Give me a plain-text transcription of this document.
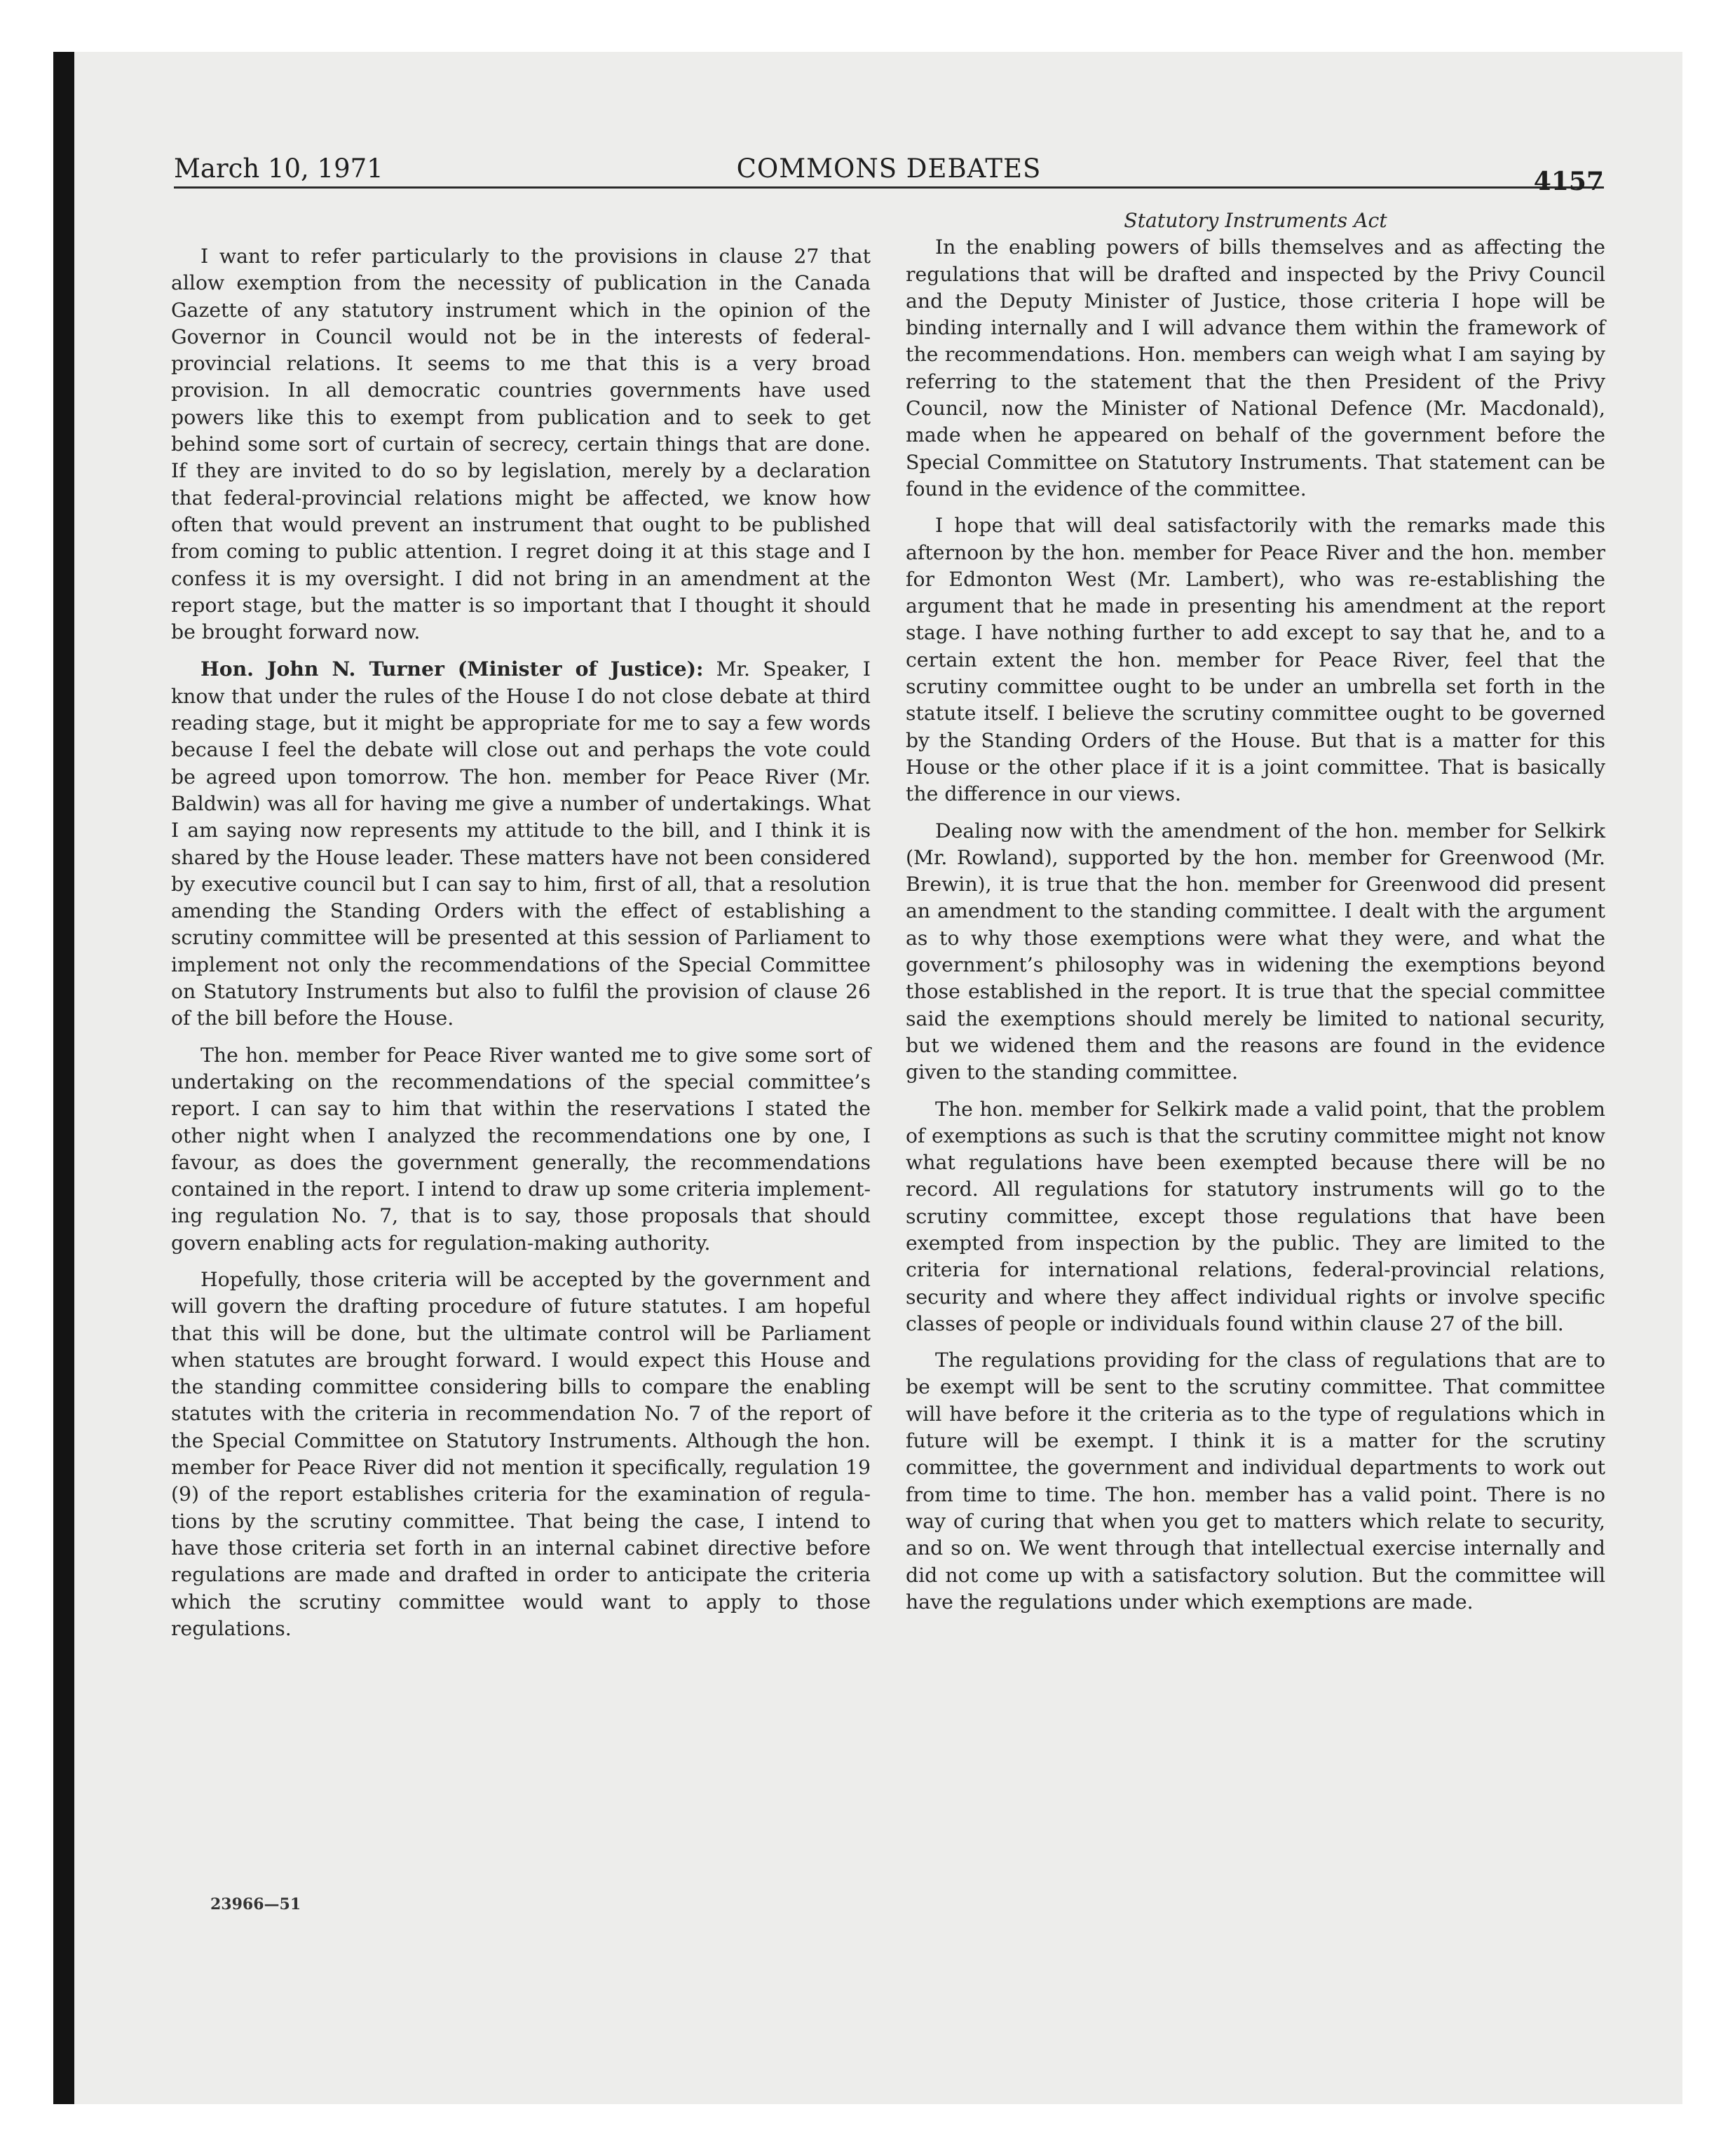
March 10, 1971	COMMONS DEBATES	4157

I want to refer particularly to the provisions in clause 27 that allow exemption from the necessity of publication in the Canada Gazette of any statutory instrument which in the opinion of the Governor in Council would not be in the interests of federal-provincial relations. It seems to me that this is a very broad provision. In all democratic countries governments have used powers like this to exempt from publication and to seek to get behind some sort of curtain of secrecy, certain things that are done. If they are invited to do so by legislation, merely by a declaration that federal-provincial relations might be affected, we know how often that would prevent an instrument that ought to be published from coming to public attention. I regret doing it at this stage and I confess it is my oversight. I did not bring in an amendment at the report stage, but the matter is so important that I thought it should be brought forward now.

Hon. John N. Turner (Minister of Justice): Mr. Speaker, I know that under the rules of the House I do not close debate at third reading stage, but it might be appropriate for me to say a few words because I feel the debate will close out and perhaps the vote could be agreed upon tomorrow. The hon. member for Peace River (Mr. Baldwin) was all for having me give a number of undertakings. What I am saying now represents my attitude to the bill, and I think it is shared by the House leader. These matters have not been considered by executive council but I can say to him, first of all, that a resolution amending the Standing Orders with the effect of establishing a scrutiny committee will be presented at this session of Parliament to implement not only the recommendations of the Special Committee on Statutory Instruments but also to fulfil the provision of clause 26 of the bill before the House.

The hon. member for Peace River wanted me to give some sort of undertaking on the recommendations of the special committee’s report. I can say to him that within the reservations I stated the other night when I analyzed the recommendations one by one, I favour, as does the government generally, the recommendations contained in the report. I intend to draw up some criteria implementing regulation No. 7, that is to say, those proposals that should govern enabling acts for regulation-making authority.

Hopefully, those criteria will be accepted by the government and will govern the drafting procedure of future statutes. I am hopeful that this will be done, but the ultimate control will be Parliament when statutes are brought forward. I would expect this House and the standing committee considering bills to compare the enabling statutes with the criteria in recommendation No. 7 of the report of the Special Committee on Statutory Instruments. Although the hon. member for Peace River did not mention it specifically, regulation 19 (9) of the report establishes criteria for the examination of regulations by the scrutiny committee. That being the case, I intend to have those criteria set forth in an internal cabinet directive before regulations are made and drafted in order to anticipate the criteria which the scrutiny committee would want to apply to those regulations.

Statutory Instruments Act

In the enabling powers of bills themselves and as affecting the regulations that will be drafted and inspected by the Privy Council and the Deputy Minister of Justice, those criteria I hope will be binding internally and I will advance them within the framework of the recommendations. Hon. members can weigh what I am saying by referring to the statement that the then President of the Privy Council, now the Minister of National Defence (Mr. Macdonald), made when he appeared on behalf of the government before the Special Committee on Statutory Instruments. That statement can be found in the evidence of the committee.

I hope that will deal satisfactorily with the remarks made this afternoon by the hon. member for Peace River and the hon. member for Edmonton West (Mr. Lambert), who was re-establishing the argument that he made in presenting his amendment at the report stage. I have nothing further to add except to say that he, and to a certain extent the hon. member for Peace River, feel that the scrutiny committee ought to be under an umbrella set forth in the statute itself. I believe the scrutiny committee ought to be governed by the Standing Orders of the House. But that is a matter for this House or the other place if it is a joint committee. That is basically the difference in our views.

Dealing now with the amendment of the hon. member for Selkirk (Mr. Rowland), supported by the hon. member for Greenwood (Mr. Brewin), it is true that the hon. member for Greenwood did present an amendment to the standing committee. I dealt with the argument as to why those exemptions were what they were, and what the government’s philosophy was in widening the exemptions beyond those established in the report. It is true that the special committee said the exemptions should merely be limited to national security, but we widened them and the reasons are found in the evidence given to the standing committee.

The hon. member for Selkirk made a valid point, that the problem of exemptions as such is that the scrutiny committee might not know what regulations have been exempted because there will be no record. All regulations for statutory instruments will go to the scrutiny committee, except those regulations that have been exempted from inspection by the public. They are limited to the criteria for international relations, federal-provincial relations, security and where they affect individual rights or involve specific classes of people or individuals found within clause 27 of the bill.

The regulations providing for the class of regulations that are to be exempt will be sent to the scrutiny committee. That committee will have before it the criteria as to the type of regulations which in future will be exempt. I think it is a matter for the scrutiny committee, the government and individual departments to work out from time to time. The hon. member has a valid point. There is no way of curing that when you get to matters which relate to security, and so on. We went through that intellectual exercise internally and did not come up with a satisfactory solution. But the committee will have the regulations under which exemptions are made.

23966—51
